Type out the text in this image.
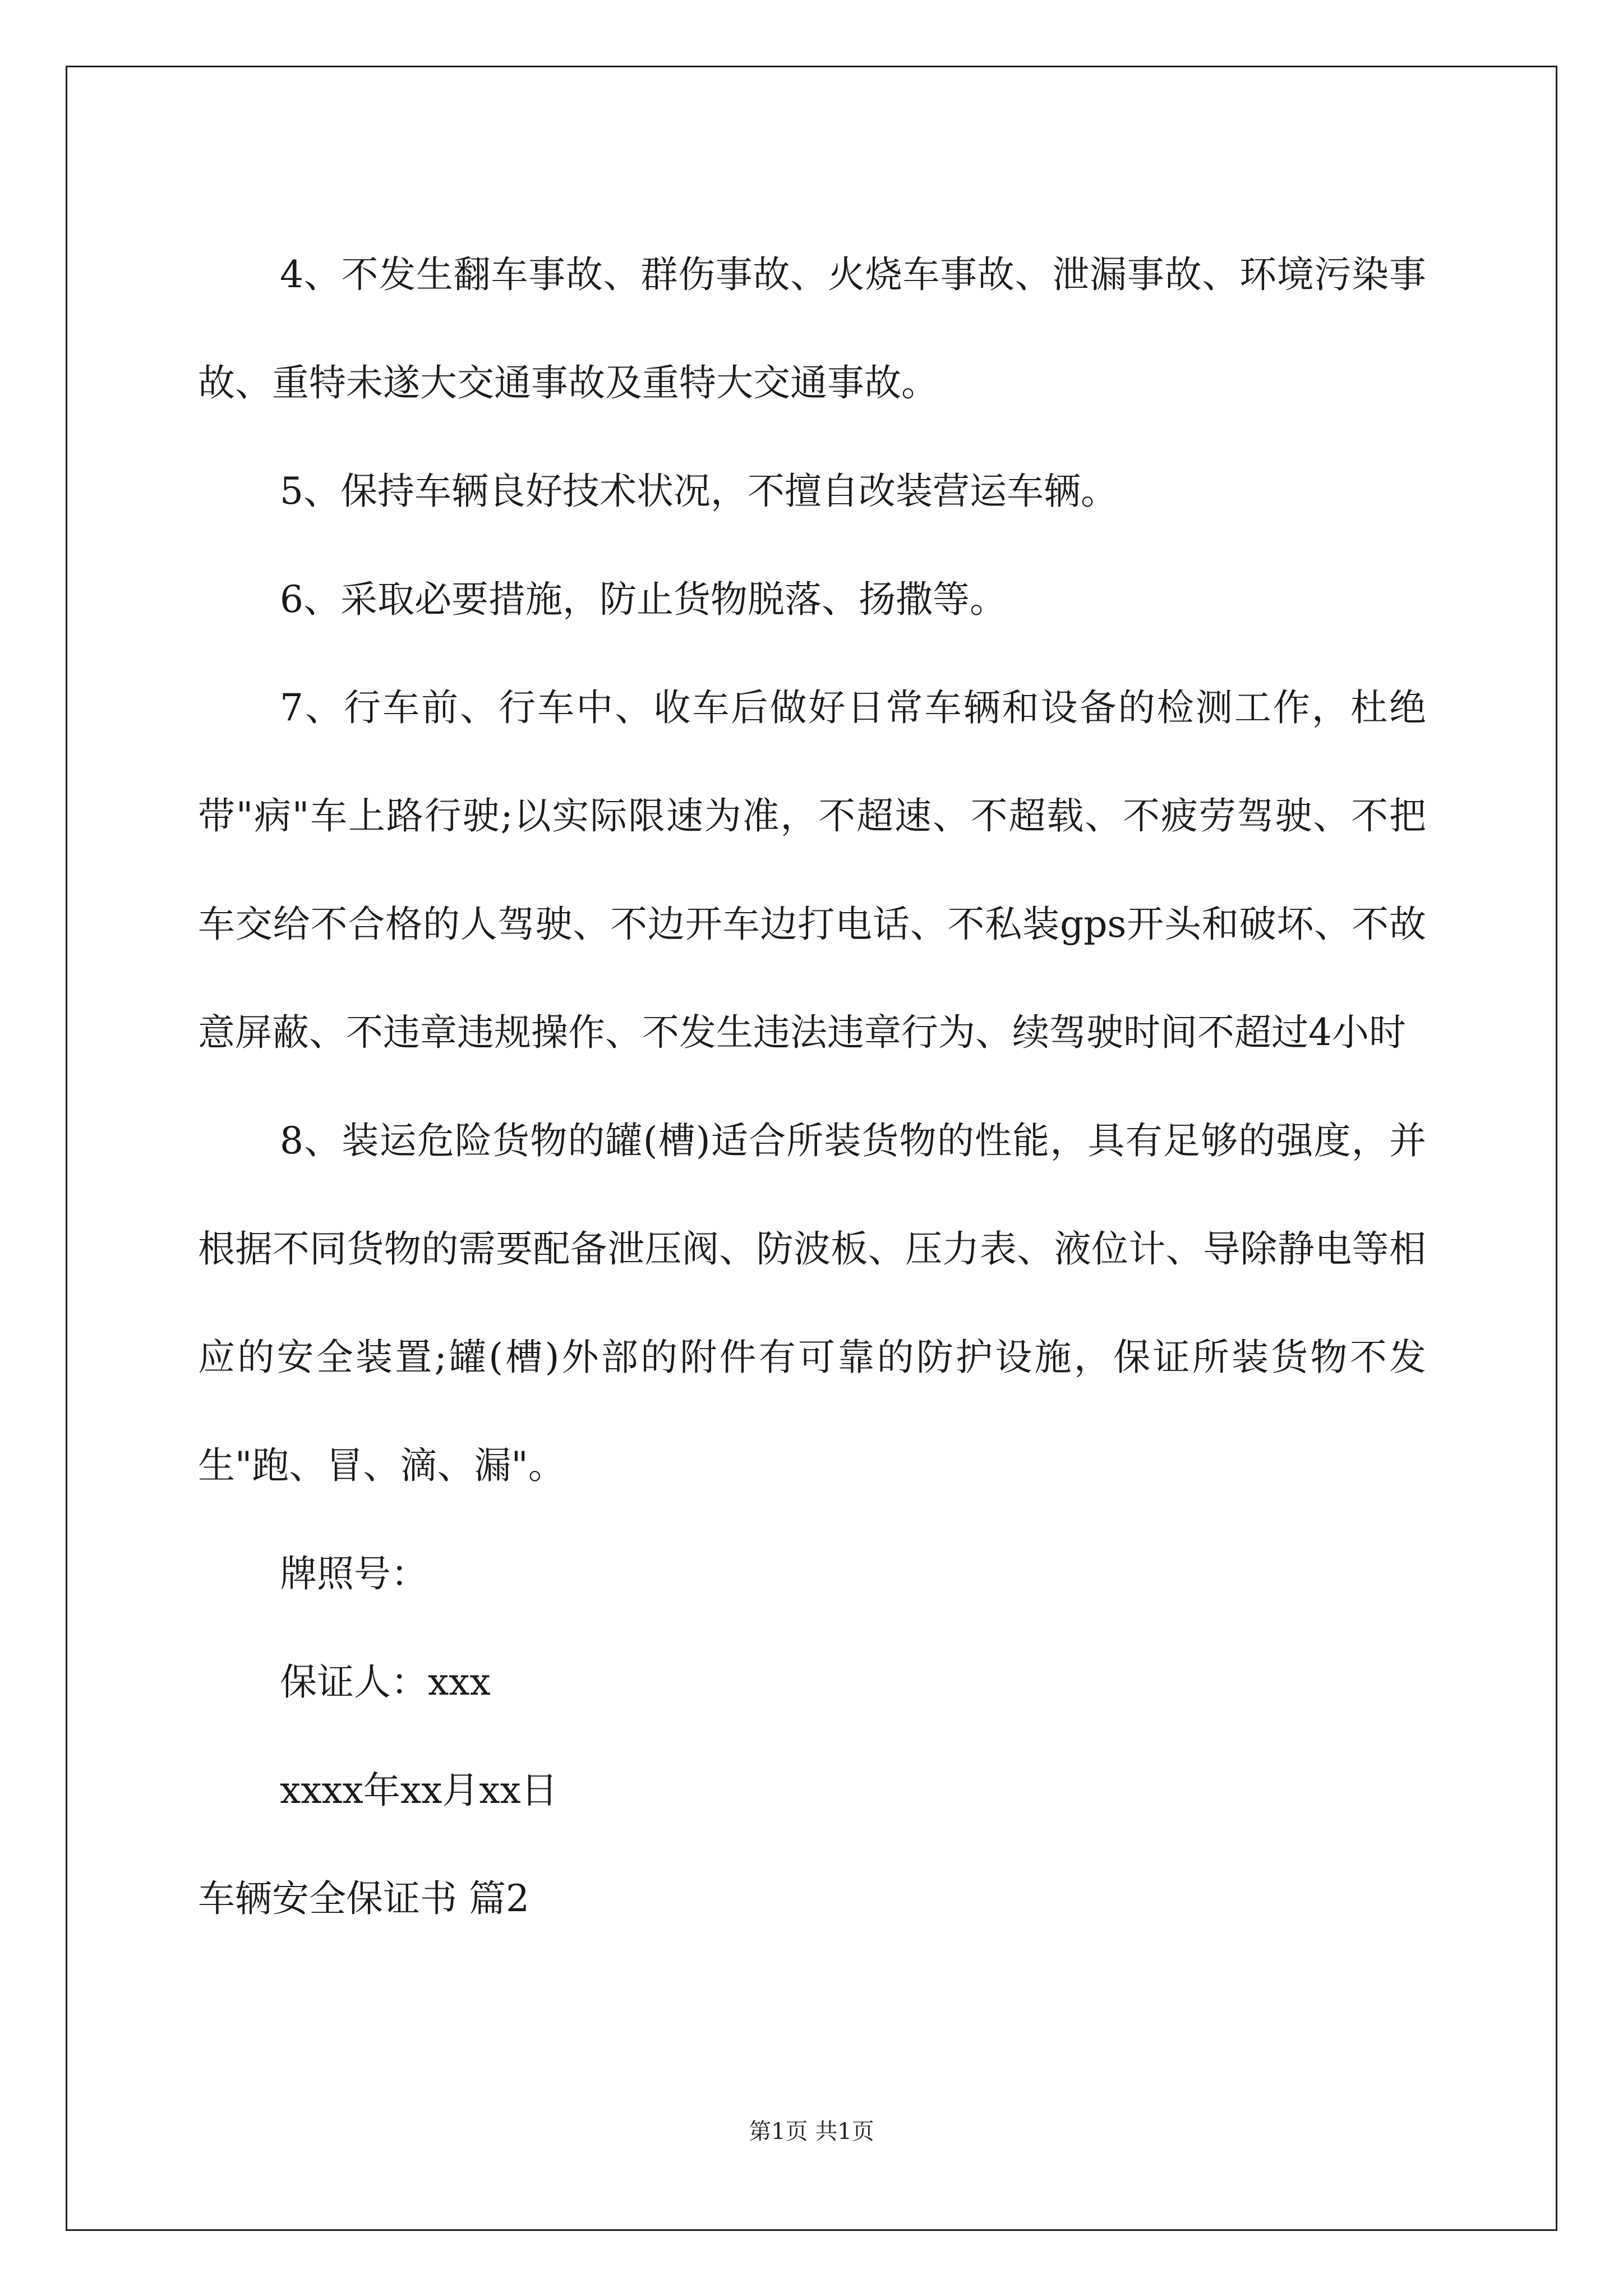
4、不发生翻车事故、群伤事故、火烧车事故、泄漏事故、环境污染事故、重特未遂大交通事故及重特大交通事故。

5、保持车辆良好技术状况，不擅自改装营运车辆。

6、采取必要措施，防止货物脱落、扬撒等。

7、行车前、行车中、收车后做好日常车辆和设备的检测工作，杜绝带"病"车上路行驶;以实际限速为准，不超速、不超载、不疲劳驾驶、不把车交给不合格的人驾驶、不边开车边打电话、不私装gps开头和破坏、不故意屏蔽、不违章违规操作、不发生违法违章行为、续驾驶时间不超过4小时

8、装运危险货物的罐(槽)适合所装货物的性能，具有足够的强度，并根据不同货物的需要配备泄压阀、防波板、压力表、液位计、导除静电等相应的安全装置;罐(槽)外部的附件有可靠的防护设施，保证所装货物不发生"跑、冒、滴、漏"。

牌照号：

保证人：xxx

xxxx年xx月xx日

车辆安全保证书 篇2

第1页 共1页
